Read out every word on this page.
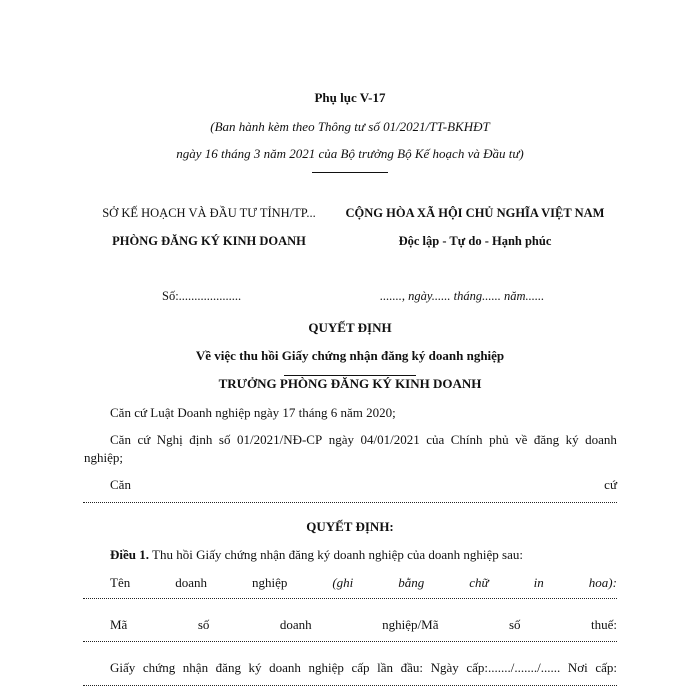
Phụ lục V-17
(Ban hành kèm theo Thông tư số 01/2021/TT-BKHĐT
ngày 16 tháng 3 năm 2021 của Bộ trưởng Bộ Kế hoạch và Đầu tư)
SỞ KẾ HOẠCH VÀ ĐẦU TƯ TỈNH/TP...
PHÒNG ĐĂNG KÝ KINH DOANH
CỘNG HÒA XÃ HỘI CHỦ NGHĨA VIỆT NAM
Độc lập - Tự do - Hạnh phúc
Số:....................	......., ngày...... tháng...... năm......
QUYẾT ĐỊNH
Về việc thu hồi Giấy chứng nhận đăng ký doanh nghiệp
TRƯỞNG PHÒNG ĐĂNG KÝ KINH DOANH
Căn cứ Luật Doanh nghiệp ngày 17 tháng 6 năm 2020;
Căn cứ Nghị định số 01/2021/NĐ-CP ngày 04/01/2021 của Chính phủ về đăng ký doanh
nghiệp;
Căn	cứ
QUYẾT ĐỊNH:
Điều 1. Thu hồi Giấy chứng nhận đăng ký doanh nghiệp của doanh nghiệp sau:
Tên	doanh	nghiệp	(ghi	bằng	chữ	in	hoa):
Mã	số	doanh	nghiệp/Mã	số	thuế:
Giấy chứng nhận đăng ký doanh nghiệp cấp lần đầu: Ngày cấp:......./......./...... Nơi cấp:
